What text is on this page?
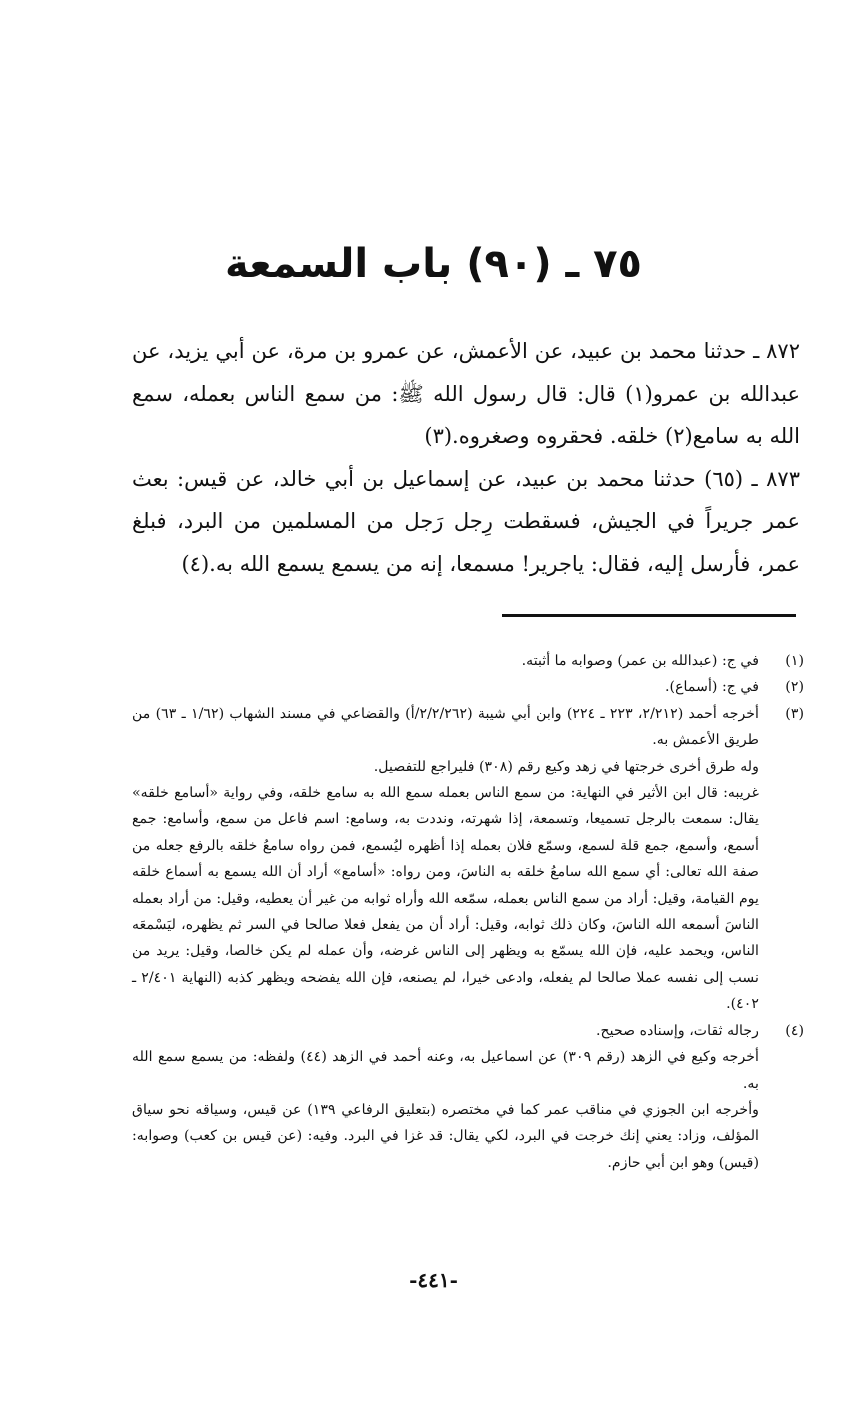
٧٥ ـ (٩٠) باب السمعة

٨٧٢ ـ حدثنا محمد بن عبيد، عن الأعمش، عن عمرو بن مرة، عن أبي يزيد، عن عبدالله بن عمرو(١) قال: قال رسول الله ﷺ: من سمع الناس بعمله، سمع الله به سامع(٢) خلقه. فحقروه وصغروه.(٣)

٨٧٣ ـ (٦٥) حدثنا محمد بن عبيد، عن إسماعيل بن أبي خالد، عن قيس: بعث عمر جريراً في الجيش، فسقطت رِجل رَجل من المسلمين من البرد، فبلغ عمر، فأرسل إليه، فقال: ياجرير! مسمعا، إنه من يسمع يسمع الله به.(٤)

(١)

في ج: (عبدالله بن عمر) وصوابه ما أثبته.

(٢)

في ج: (أسماع).

(٣)

أخرجه أحمد (٢/٢١٢، ٢٢٣ ـ ٢٢٤) وابن أبي شيبة (٢/٢/٢٦٢/أ) والقضاعي في مسند الشهاب (١/٦٢ ـ ٦٣) من طريق الأعمش به.

وله طرق أخرى خرجتها في زهد وكيع رقم (٣٠٨) فليراجع للتفصيل.

غريبه: قال ابن الأثير في النهاية: من سمع الناس بعمله سمع الله به سامع خلقه، وفي رواية «أسامع خلقه» يقال: سمعت بالرجل تسميعا، وتسمعة، إذا شهرته، ونددت به، وسامع: اسم فاعل من سمع، وأسامع: جمع أسمع، وأسمع، جمع قلة لسمع، وسمّع فلان بعمله إذا أظهره ليُسمع، فمن رواه سامعُ خلقه بالرفع جعله من صفة الله تعالى: أي سمع الله سامعُ خلقه به الناسَ، ومن رواه: «أسامع» أراد أن الله يسمع به أسماع خلقه يوم القيامة، وقيل: أراد من سمع الناس بعمله، سمّعه الله وأراه ثوابه من غير أن يعطيه، وقيل: من أراد بعمله الناسَ أسمعه الله الناسَ، وكان ذلك ثوابه، وقيل: أراد أن من يفعل فعلا صالحا في السر ثم يظهره، ليَسْمعَه الناس، ويحمد عليه، فإن الله يسمّع به ويظهر إلى الناس غرضه، وأن عمله لم يكن خالصا، وقيل: يريد من نسب إلى نفسه عملا صالحا لم يفعله، وادعى خيرا، لم يصنعه، فإن الله يفضحه ويظهر كذبه (النهاية ٢/٤٠١ ـ ٤٠٢).

(٤)

رجاله ثقات، وإسناده صحيح.

أخرجه وكيع في الزهد (رقم ٣٠٩) عن اسماعيل به، وعنه أحمد في الزهد (٤٤) ولفظه: من يسمع سمع الله به.

وأخرجه ابن الجوزي في مناقب عمر كما في مختصره (بتعليق الرفاعي ١٣٩) عن قيس، وسياقه نحو سياق المؤلف، وزاد: يعني إنك خرجت في البرد، لكي يقال: قد غزا في البرد. وفيه: (عن قيس بن كعب) وصوابه: (قيس) وهو ابن أبي حازم.

-٤٤١-
